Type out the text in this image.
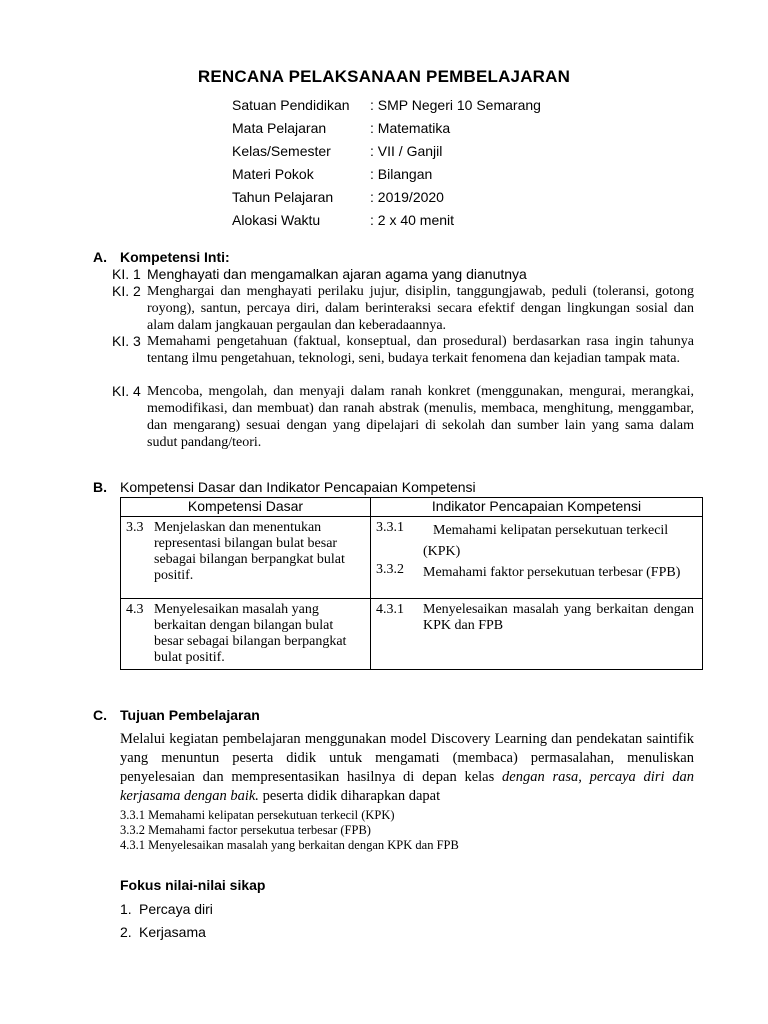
RENCANA PELAKSANAAN PEMBELAJARAN
Satuan Pendidikan : SMP Negeri 10 Semarang
Mata Pelajaran	: Matematika
Kelas/Semester	: VII / Ganjil
Materi Pokok	: Bilangan
Tahun Pelajaran	: 2019/2020
Alokasi Waktu	: 2 x 40 menit
A. Kompetensi Inti:
KI. 1 Menghayati dan mengamalkan ajaran agama yang dianutnya
KI. 2 Menghargai dan menghayati perilaku jujur, disiplin, tanggungjawab, peduli (toleransi, gotong royong), santun, percaya diri, dalam berinteraksi secara efektif dengan lingkungan sosial dan alam dalam jangkauan pergaulan dan keberadaannya.
KI. 3 Memahami pengetahuan (faktual, konseptual, dan prosedural) berdasarkan rasa ingin tahunya tentang ilmu pengetahuan, teknologi, seni, budaya terkait fenomena dan kejadian tampak mata.
KI. 4 Mencoba, mengolah, dan menyaji dalam ranah konkret (menggunakan, mengurai, merangkai, memodifikasi, dan membuat) dan ranah abstrak (menulis, membaca, menghitung, menggambar, dan mengarang) sesuai dengan yang dipelajari di sekolah dan sumber lain yang sama dalam sudut pandang/teori.
B. Kompetensi Dasar dan Indikator Pencapaian Kompetensi
Kompetensi Dasar	Indikator Pencapaian Kompetensi

3.3 Menjelaskan dan menentukan representasi bilangan bulat besar sebagai bilangan berpangkat bulat positif.	3.3.1 Memahami kelipatan persekutuan terkecil (KPK)
3.3.2 Memahami faktor persekutuan terbesar (FPB)

4.3 Menyelesaikan masalah yang berkaitan dengan bilangan bulat besar sebagai bilangan berpangkat bulat positif.	4.3.1 Menyelesaikan masalah yang berkaitan dengan KPK dan FPB
C. Tujuan Pembelajaran
Melalui kegiatan pembelajaran menggunakan model Discovery Learning dan pendekatan saintifik yang menuntun peserta didik untuk mengamati (membaca) permasalahan, menuliskan penyelesaian dan mempresentasikan hasilnya di depan kelas dengan rasa, percaya diri dan kerjasama dengan baik. peserta didik diharapkan dapat
3.3.1 Memahami kelipatan persekutuan terkecil (KPK)
3.3.2 Memahami factor persekutua terbesar (FPB)
4.3.1 Menyelesaikan masalah yang berkaitan dengan KPK dan FPB
Fokus nilai-nilai sikap
1. Percaya diri
2. Kerjasama
